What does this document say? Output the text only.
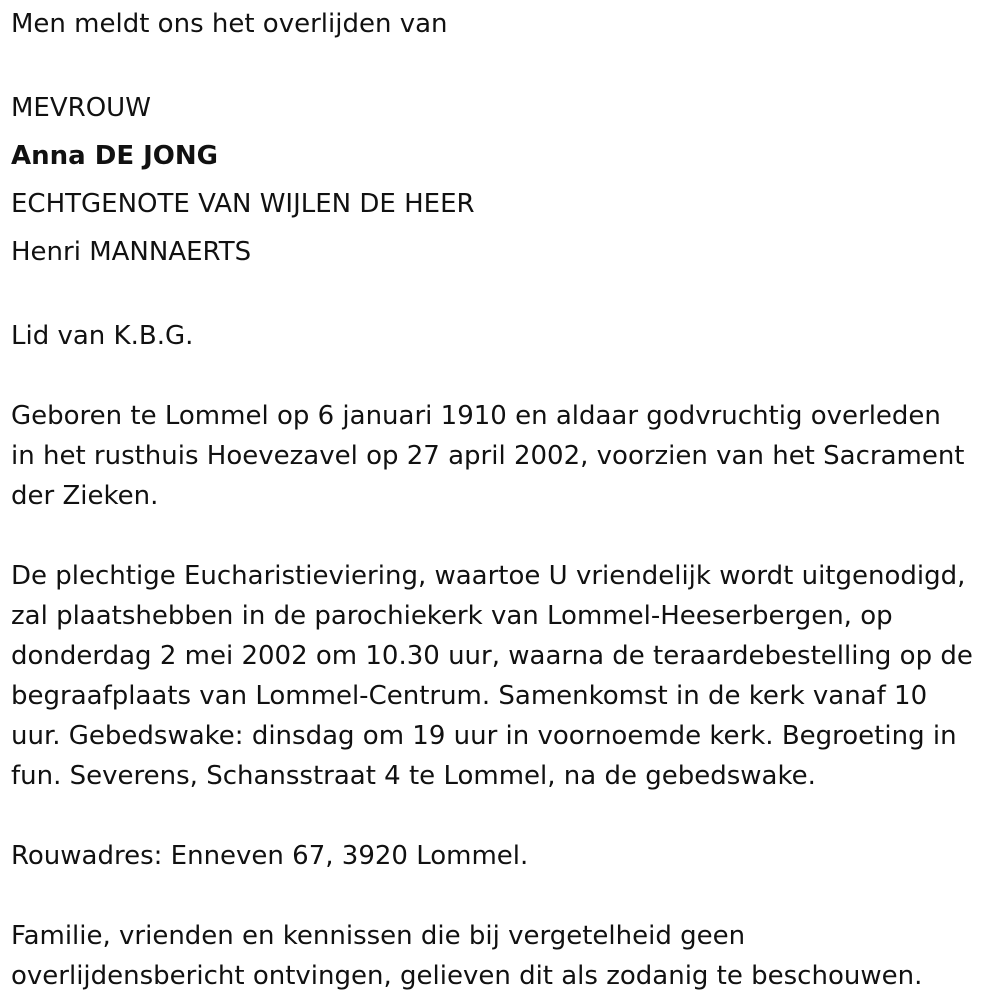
Men meldt ons het overlijden van

MEVROUW

Anna DE JONG

ECHTGENOTE VAN WIJLEN DE HEER

Henri MANNAERTS

Lid van K.B.G.

Geboren te Lommel op 6 januari 1910 en aldaar godvruchtig overleden

in het rusthuis Hoevezavel op 27 april 2002, voorzien van het Sacrament

der Zieken.

De plechtige Eucharistieviering, waartoe U vriendelijk wordt uitgenodigd,

zal plaatshebben in de parochiekerk van Lommel-Heeserbergen, op

donderdag 2 mei 2002 om 10.30 uur, waarna de teraardebestelling op de

begraafplaats van Lommel-Centrum. Samenkomst in de kerk vanaf 10

uur. Gebedswake: dinsdag om 19 uur in voornoemde kerk. Begroeting in

fun. Severens, Schansstraat 4 te Lommel, na de gebedswake.

Rouwadres: Enneven 67, 3920 Lommel.

Familie, vrienden en kennissen die bij vergetelheid geen

overlijdensbericht ontvingen, gelieven dit als zodanig te beschouwen.
